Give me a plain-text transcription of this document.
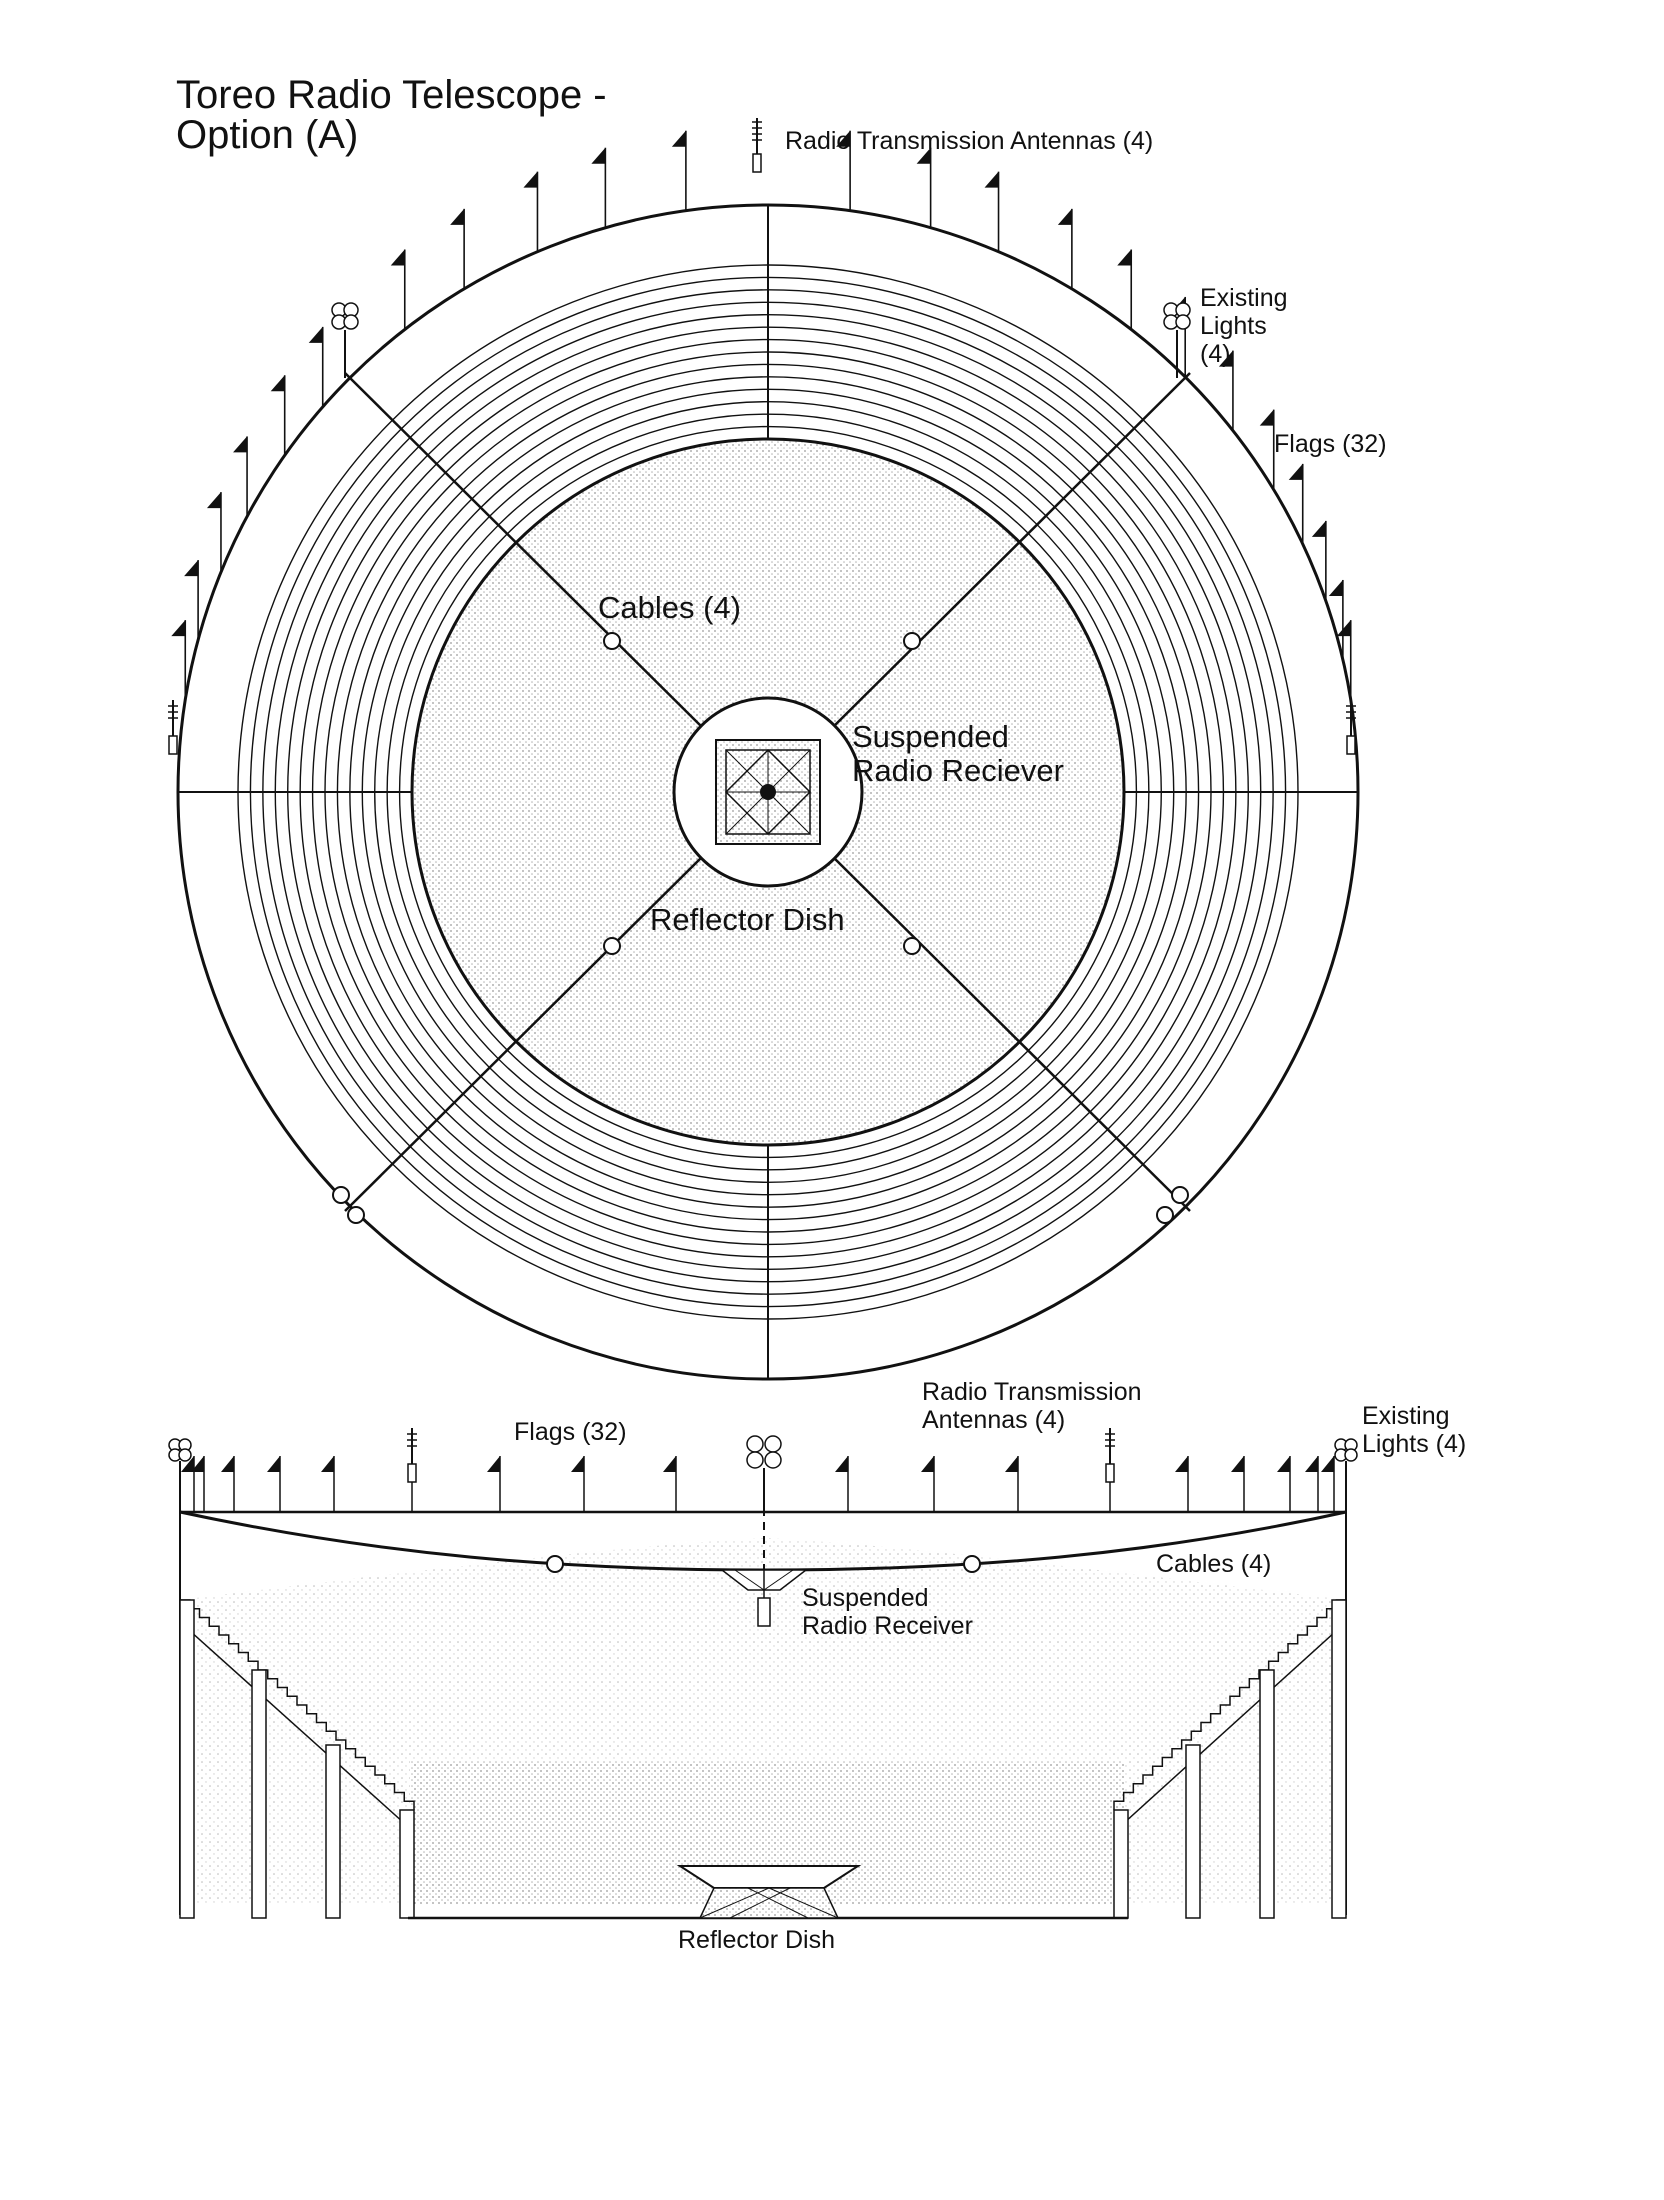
Toreo Radio Telescope -
Option (A)	Radio Transmission Antennas (4)
Existing
Lights
(4)
Flags (32)
Cables (4)
Suspended
Radio Reciever
Reflector Dish
Flags (32)
Radio Transmission
Antennas (4)	Existing
Lights (4)
Cables (4)
Suspended
Radio Receiver
Reflector Dish
